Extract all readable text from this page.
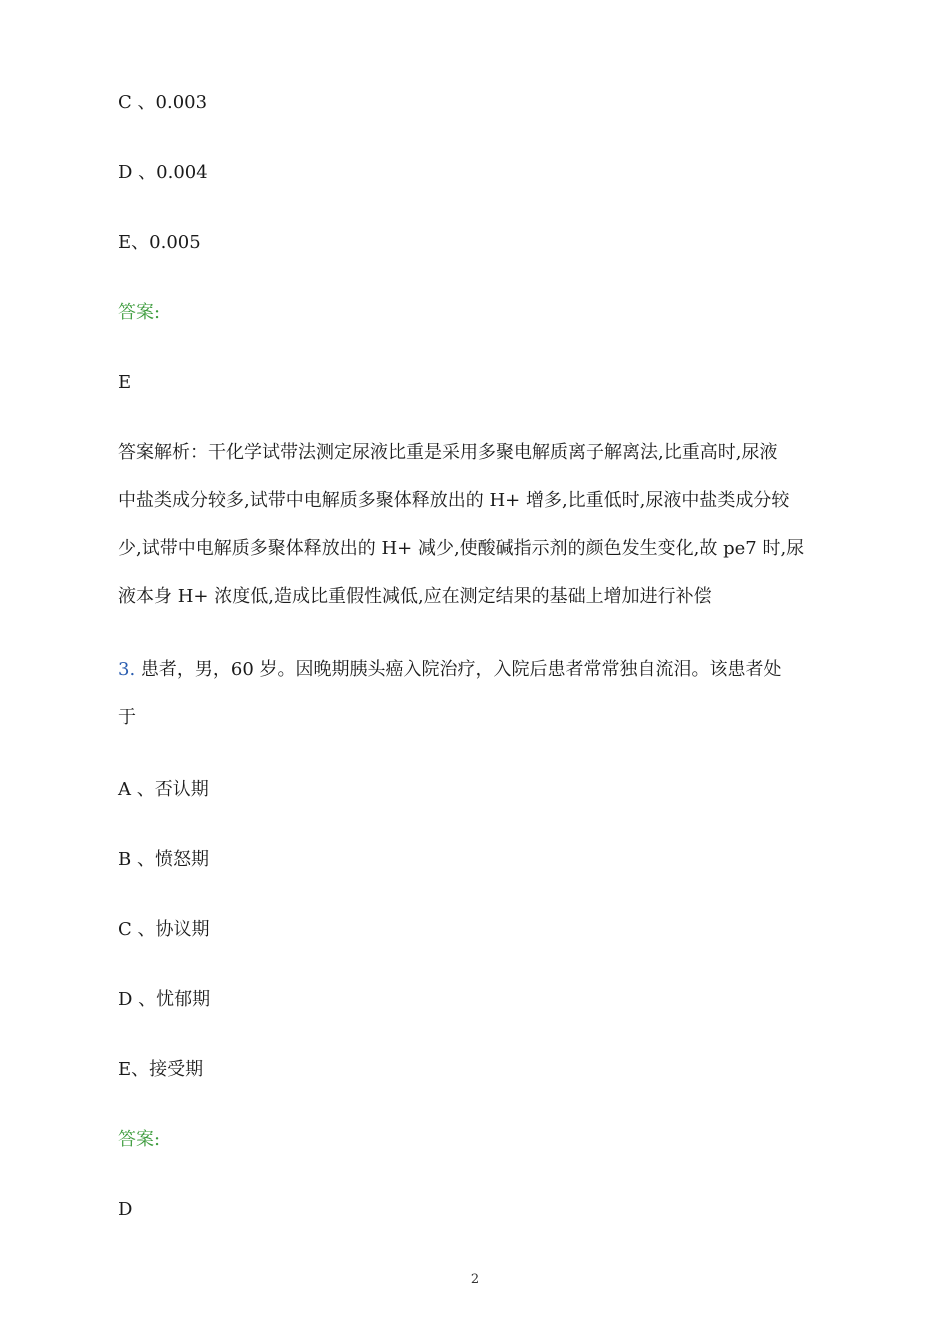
C 、0.003
D 、0.004
E、0.005
答案:
E
答案解析：干化学试带法测定尿液比重是采用多聚电解质离子解离法,比重高时,尿液
中盐类成分较多,试带中电解质多聚体释放出的 H+ 增多,比重低时,尿液中盐类成分较
少,试带中电解质多聚体释放出的 H+ 减少,使酸碱指示剂的颜色发生变化,故 pe7 时,尿
液本身 H+ 浓度低,造成比重假性减低,应在测定结果的基础上增加进行补偿
3. 患者，男，60 岁。因晚期胰头癌入院治疗，入院后患者常常独自流泪。该患者处
于
A 、否认期
B 、愤怒期
C 、协议期
D 、忧郁期
E、接受期
答案:
D
2
